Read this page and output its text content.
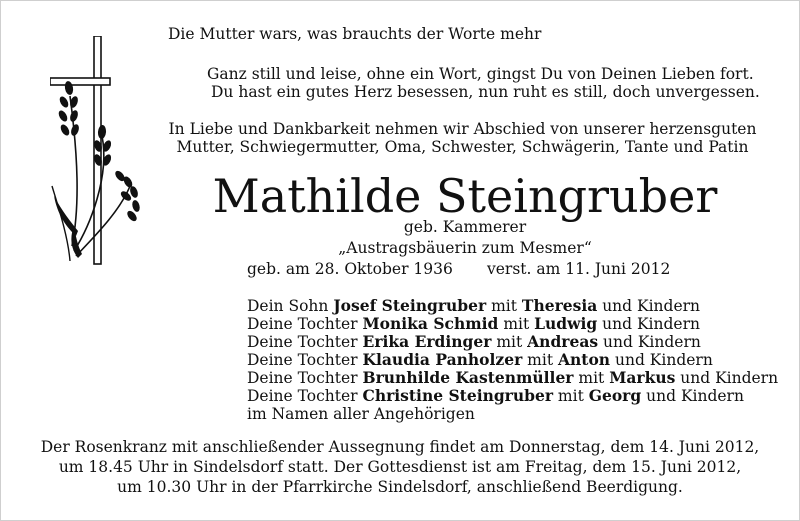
Die Mutter wars, was brauchts der Worte mehr
Ganz still und leise, ohne ein Wort, gingst Du von Deinen Lieben fort.
Du hast ein gutes Herz besessen, nun ruht es still, doch unvergessen.
In Liebe und Dankbarkeit nehmen wir Abschied von unserer herzensguten
Mutter, Schwiegermutter, Oma, Schwester, Schwägerin, Tante und Patin
Mathilde Steingruber
geb. Kammerer
„Austragsbäuerin zum Mesmer“
geb. am 28. Oktober 1936 verst. am 11. Juni 2012
Dein Sohn Josef Steingruber mit Theresia und Kindern
Deine Tochter Monika Schmid mit Ludwig und Kindern
Deine Tochter Erika Erdinger mit Andreas und Kindern
Deine Tochter Klaudia Panholzer mit Anton und Kindern
Deine Tochter Brunhilde Kastenmüller mit Markus und Kindern
Deine Tochter Christine Steingruber mit Georg und Kindern
im Namen aller Angehörigen
Der Rosenkranz mit anschließender Aussegnung findet am Donnerstag, dem 14. Juni 2012,
um 18.45 Uhr in Sindelsdorf statt. Der Gottesdienst ist am Freitag, dem 15. Juni 2012,
um 10.30 Uhr in der Pfarrkirche Sindelsdorf, anschließend Beerdigung.
